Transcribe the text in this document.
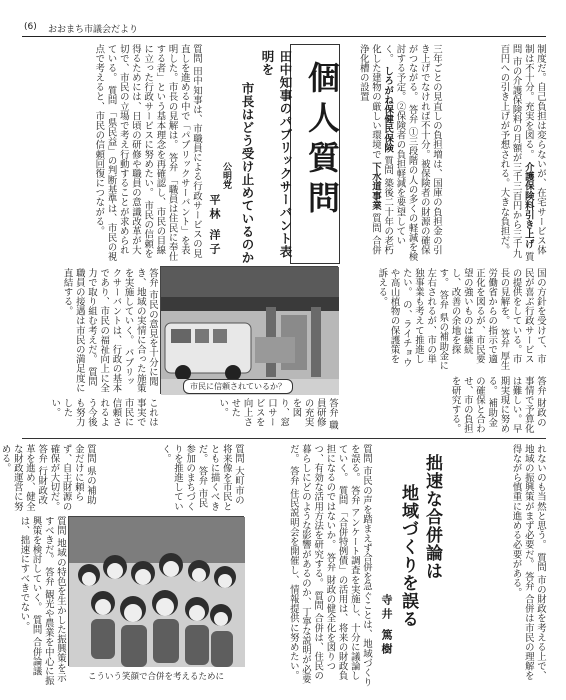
(6) おおまち市議会だより
制度だ。自己負担は変らないが、在宅サービス体制は不十分。充実を図る。 介護保険料引き上げ 質問 市の介護保険料の月額が三千三百円から三千九百円への引き上げが予想される。大きな負担だ。
三年ごとの見直しの負担増は、国庫の負担金の引き上げでなければ不十分。被保険者の財源の確保がつながる。 答弁 ①三段階の人の多くの軽減を検討する予定。②保険者の負担軽減を要望していく。 しろがね保健民保険 質問 築後二十年の老朽化した建物の厳しい環境で 下水道事業 質問 合併浄化槽の設置
個人質問
田中知事のパブリックサーバント表明を
市長はどう受け止めているのか
公明党
平林 洋子
質問 田中知事は、市職員による行政サービスの見直しを進める中で「パブリックサーバント」を表明した。市長の見解は。 答弁 「職員は住民に奉仕する者」という基本理念を再確認し、市民の目線に立った行政サービスに努めたい。 市民の信頼を得るためには、日頃の研修や職員の意識改革が大切で、市民の立場で考え行動することが求められている。 質問 「県民益」の判断基準は、市民の視点で考えると、市民の信頼回復につながる。
国の方針を受けて、市民が喜ぶ行政サービスの提供をしている。市長の見解を。 答弁 厚生労働省からの指示で適正化を図るが、市民要望の強いものは継続し、改善の余地を探す。 答弁 県の補助金に左右されるが、市の単独事業も考えて推進したい。 の、ライチョウや高山植物の保護策を訴える。
市民に信頼されているか？
答弁 市民の意見を十分に聞き、地域の実情に合った施策を実施していく。 パブリックサーバントは、行政の基本であり、市民の福祉向上に全力で取り組む考えだ。 質問 職員の接遇は市民の満足度に直結する。
答弁 財政の事情で予算化は難しい。早期実現に努める。 補助金の確保と合わせ、市の負担を研究する。
答弁 職員研修の充実を図り、窓口サービスを向上させたい。
これは事実で市民に信頼されるよう今後も努力したい。
れないのも当然と思う。 質問 市の財政を考える上で、地域の振興策がまず必要だ。 答弁 合併は市民の理解を得ながら慎重に進める必要がある。
拙速な合併論は
地域づくりを誤る
寺井 篤樹
質問 市民の声を踏まえず合併を急ぐことは、地域づくりを誤る。 答弁 アンケート調査を実施し、十分に議論していく。 質問 「合併特例債」の活用は、将来の財政負担になるのではないか。 答弁 財政の健全化を図りつつ、有効な活用方法を研究する。 質問 合併は、住民の暮らしにどのような影響があるのか、丁寧な説明が必要だ。 答弁 住民説明会を開催し、情報提供に努めたい。
質問 大町市の将来像を市民とともに描くべきだ。 答弁 市民参加のまちづくりを推進していく。
質問 県の補助金だけに頼らず、自主財源の確保が大切だ。 答弁 行財政改革を進め、健全な財政運営に努める。
こういう笑顔で合併を考えるために
質問 地域の特色を生かした振興策を示すべきだ。 答弁 観光や農業を中心に振興策を検討していく。 質問 合併論議は、拙速にすべきでない。
